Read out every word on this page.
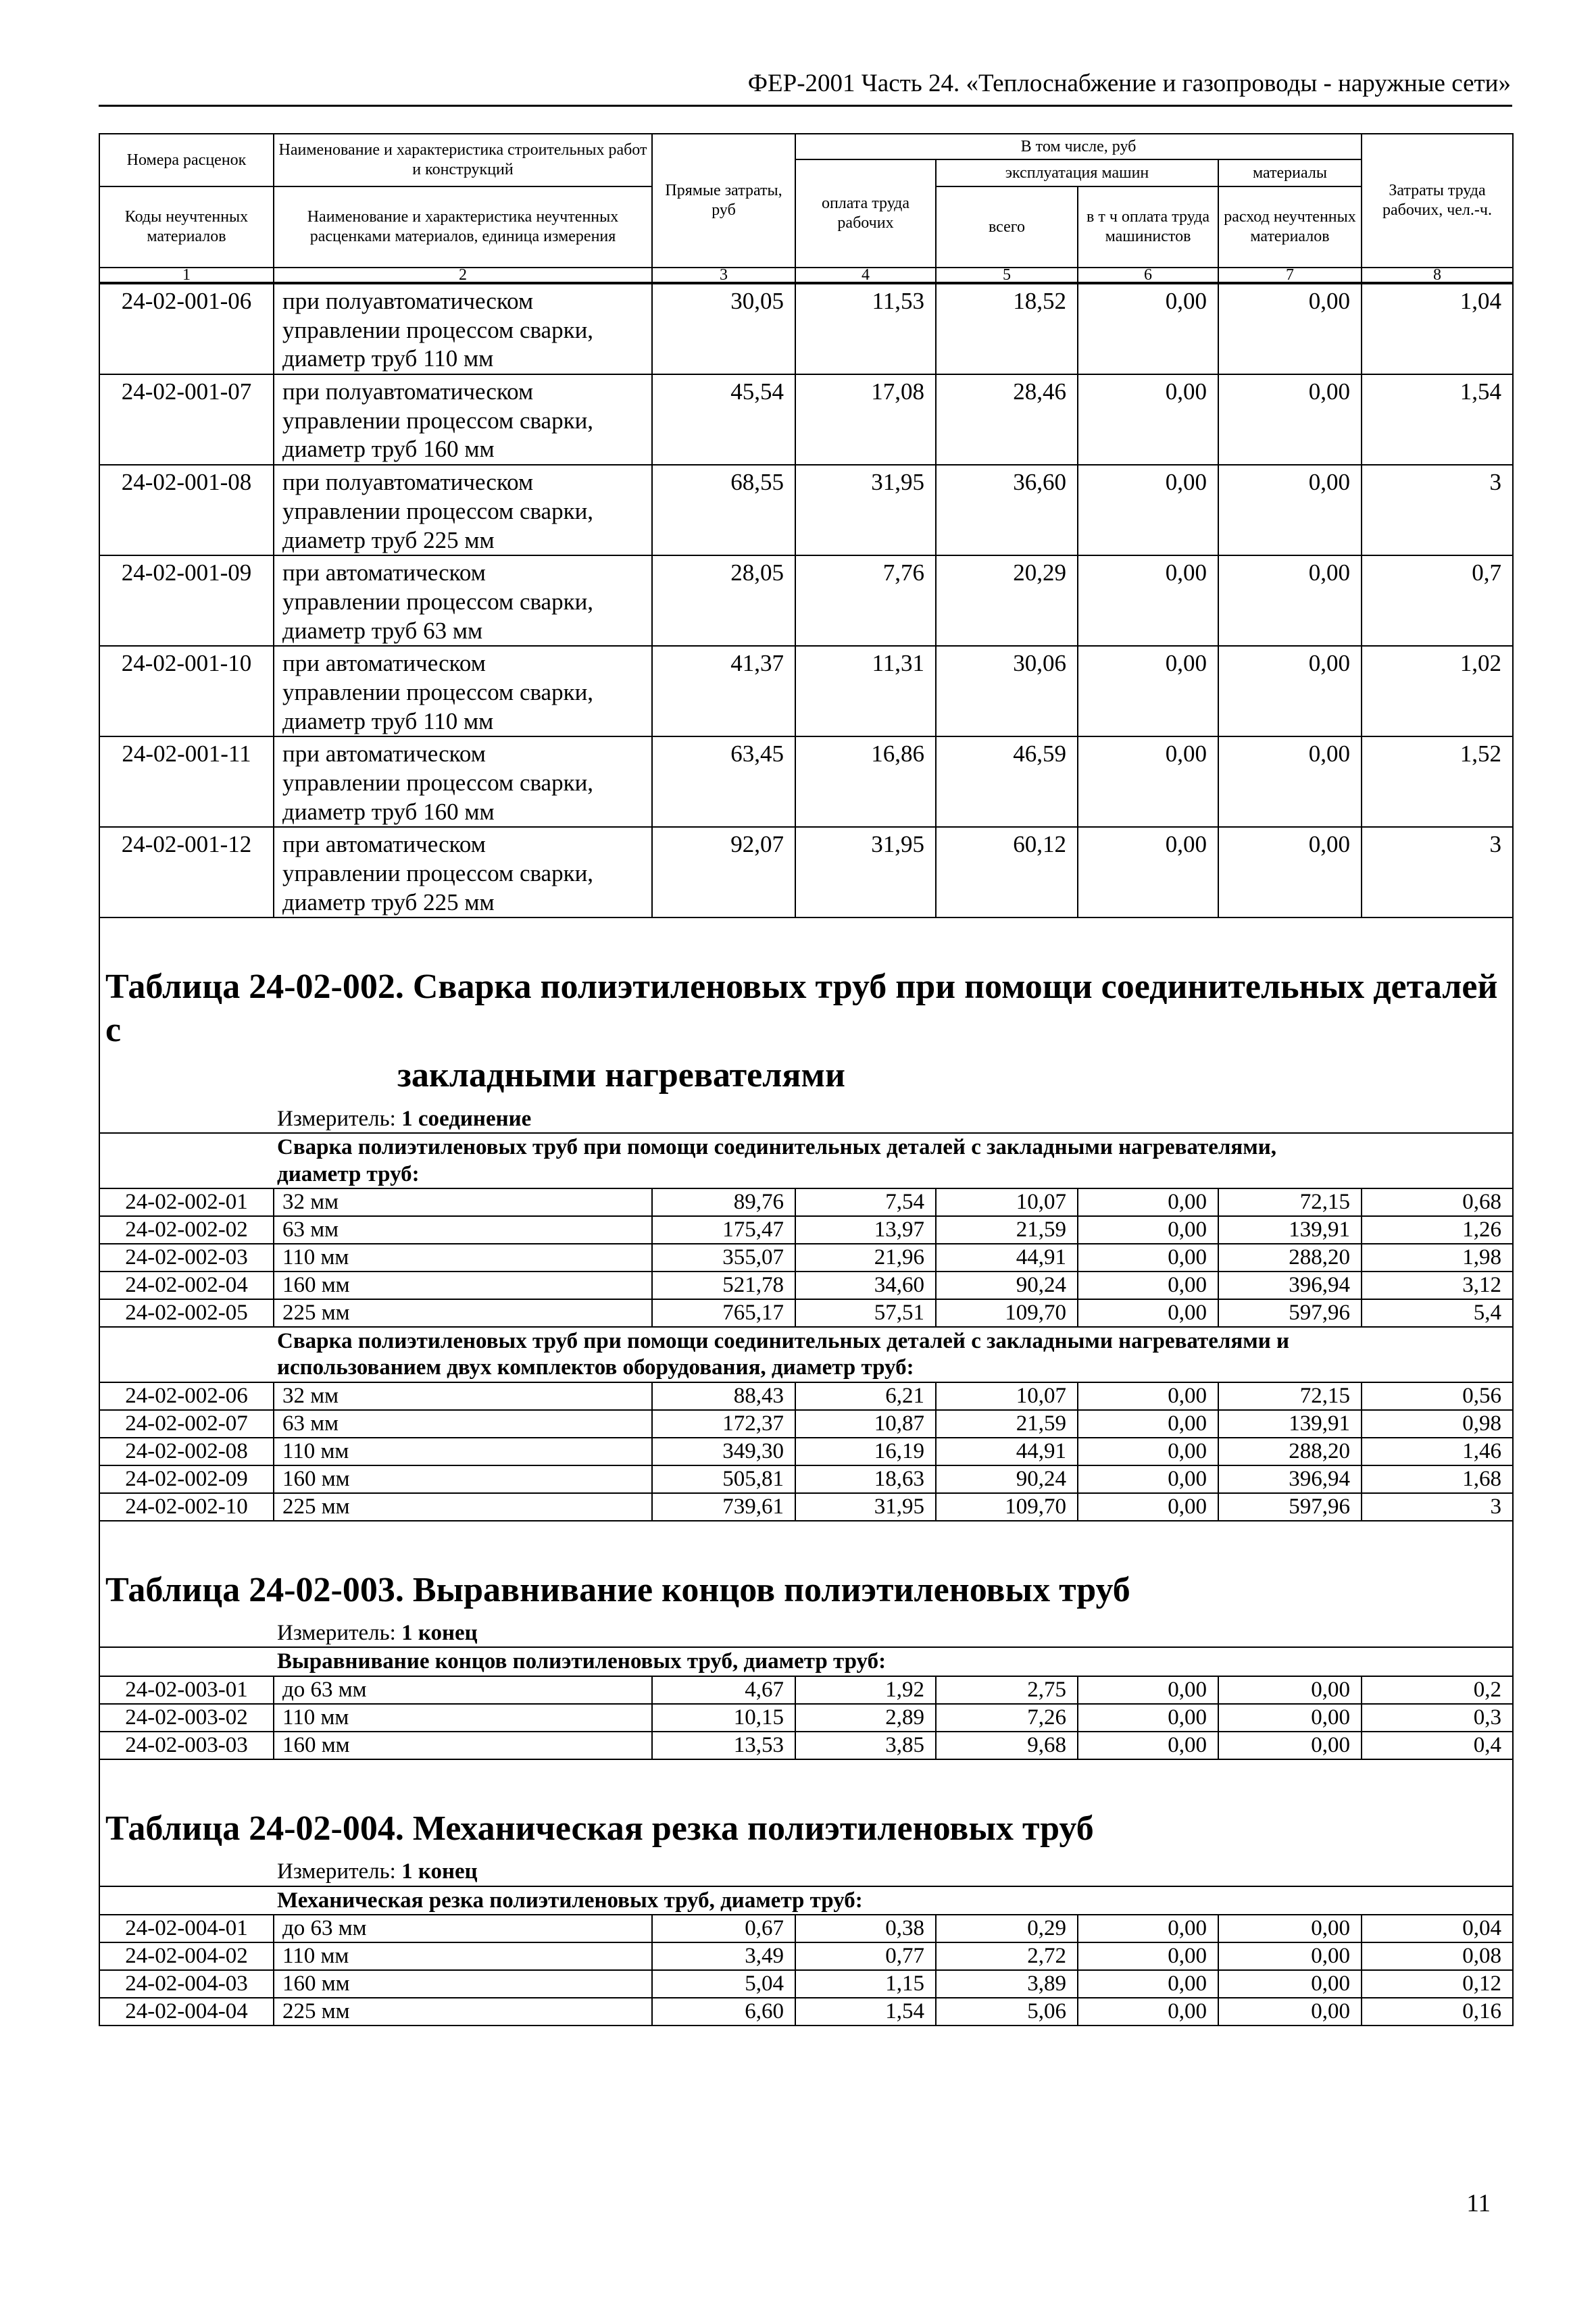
ФЕР-2001 Часть 24. «Теплоснабжение и газопроводы - наружные сети»
Номера расценок	Наименование и характеристика строительных работ и конструкций	Прямые затраты, руб	В том числе, руб				Затраты труда рабочих, чел.-ч.
			оплата труда рабочих	эксплуатация машин		материалы	
Коды неучтенных материалов	Наименование и характеристика неучтенных расценками материалов, единица измерения			всего	в т ч оплата труда машинистов	расход неучтенных материалов	

1	2	3	4	5	6	7	8
24-02-001-06	при полуавтоматическом
управлении процессом сварки,
диаметр труб 110 мм	30,05	11,53	18,52	0,00	0,00	1,04
24-02-001-07	при полуавтоматическом
управлении процессом сварки,
диаметр труб 160 мм	45,54	17,08	28,46	0,00	0,00	1,54
24-02-001-08	при полуавтоматическом
управлении процессом сварки,
диаметр труб 225 мм	68,55	31,95	36,60	0,00	0,00	3
24-02-001-09	при автоматическом
управлении процессом сварки,
диаметр труб 63 мм	28,05	7,76	20,29	0,00	0,00	0,7
24-02-001-10	при автоматическом
управлении процессом сварки,
диаметр труб 110 мм	41,37	11,31	30,06	0,00	0,00	1,02
24-02-001-11	при автоматическом
управлении процессом сварки,
диаметр труб 160 мм	63,45	16,86	46,59	0,00	0,00	1,52
24-02-001-12	при автоматическом
управлении процессом сварки,
диаметр труб 225 мм	92,07	31,95	60,12	0,00	0,00	3

Таблица 24-02-002. Сварка полиэтиленовых труб при помощи соединительных деталей с							
закладными нагревателями							
Измеритель: 1 соединение							

Сварка полиэтиленовых труб при помощи соединительных деталей с закладными нагревателями,
диаметр труб:							

24-02-002-01	32 мм	89,76	7,54	10,07	0,00	72,15	0,68
24-02-002-02	63 мм	175,47	13,97	21,59	0,00	139,91	1,26
24-02-002-03	110 мм	355,07	21,96	44,91	0,00	288,20	1,98
24-02-002-04	160 мм	521,78	34,60	90,24	0,00	396,94	3,12
24-02-002-05	225 мм	765,17	57,51	109,70	0,00	597,96	5,4

Сварка полиэтиленовых труб при помощи соединительных деталей с закладными нагревателями и
использованием двух комплектов оборудования, диаметр труб:							

24-02-002-06	32 мм	88,43	6,21	10,07	0,00	72,15	0,56
24-02-002-07	63 мм	172,37	10,87	21,59	0,00	139,91	0,98
24-02-002-08	110 мм	349,30	16,19	44,91	0,00	288,20	1,46
24-02-002-09	160 мм	505,81	18,63	90,24	0,00	396,94	1,68
24-02-002-10	225 мм	739,61	31,95	109,70	0,00	597,96	3

Таблица 24-02-003. Выравнивание концов полиэтиленовых труб							
Измеритель: 1 конец							
Выравнивание концов полиэтиленовых труб, диаметр труб:							
24-02-003-01	до 63 мм	4,67	1,92	2,75	0,00	0,00	0,2
24-02-003-02	110 мм	10,15	2,89	7,26	0,00	0,00	0,3
24-02-003-03	160 мм	13,53	3,85	9,68	0,00	0,00	0,4

Таблица 24-02-004. Механическая резка полиэтиленовых труб							
Измеритель: 1 конец							
Механическая резка полиэтиленовых труб, диаметр труб:							
24-02-004-01	до 63 мм	0,67	0,38	0,29	0,00	0,00	0,04
24-02-004-02	110 мм	3,49	0,77	2,72	0,00	0,00	0,08
24-02-004-03	160 мм	5,04	1,15	3,89	0,00	0,00	0,12
24-02-004-04	225 мм	6,60	1,54	5,06	0,00	0,00	0,16
11
